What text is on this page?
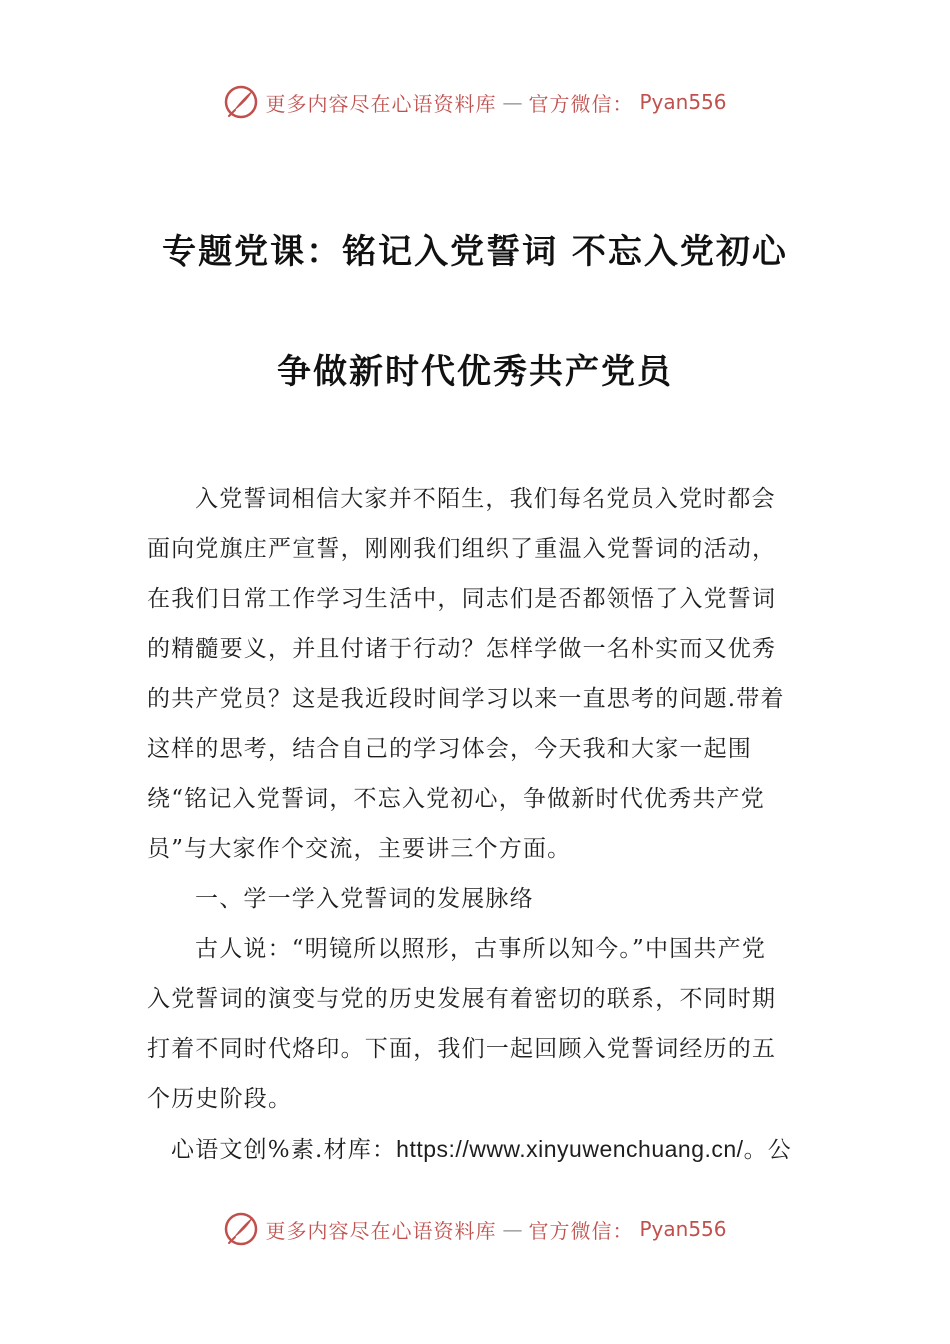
更多内容尽在心语资料库 — 官方微信： Pyan556
专题党课：铭记入党誓词 不忘入党初心
争做新时代优秀共产党员

入党誓词相信大家并不陌生，我们每名党员入党时都会面向党旗庄严宣誓，刚刚我们组织了重温入党誓词的活动，在我们日常工作学习生活中，同志们是否都领悟了入党誓词的精髓要义，并且付诸于行动？怎样学做一名朴实而又优秀的共产党员？这是我近段时间学习以来一直思考的问题.带着这样的思考，结合自己的学习体会，今天我和大家一起围绕“铭记入党誓词，不忘入党初心，争做新时代优秀共产党员”与大家作个交流，主要讲三个方面。

一、学一学入党誓词的发展脉络

古人说：“明镜所以照形，古事所以知今。”中国共产党入党誓词的演变与党的历史发展有着密切的联系，不同时期打着不同时代烙印。下面，我们一起回顾入党誓词经历的五个历史阶段。

心语文创%素.材库：https://www.xinyuwenchuang.cn/。公

更多内容尽在心语资料库 — 官方微信： Pyan556
